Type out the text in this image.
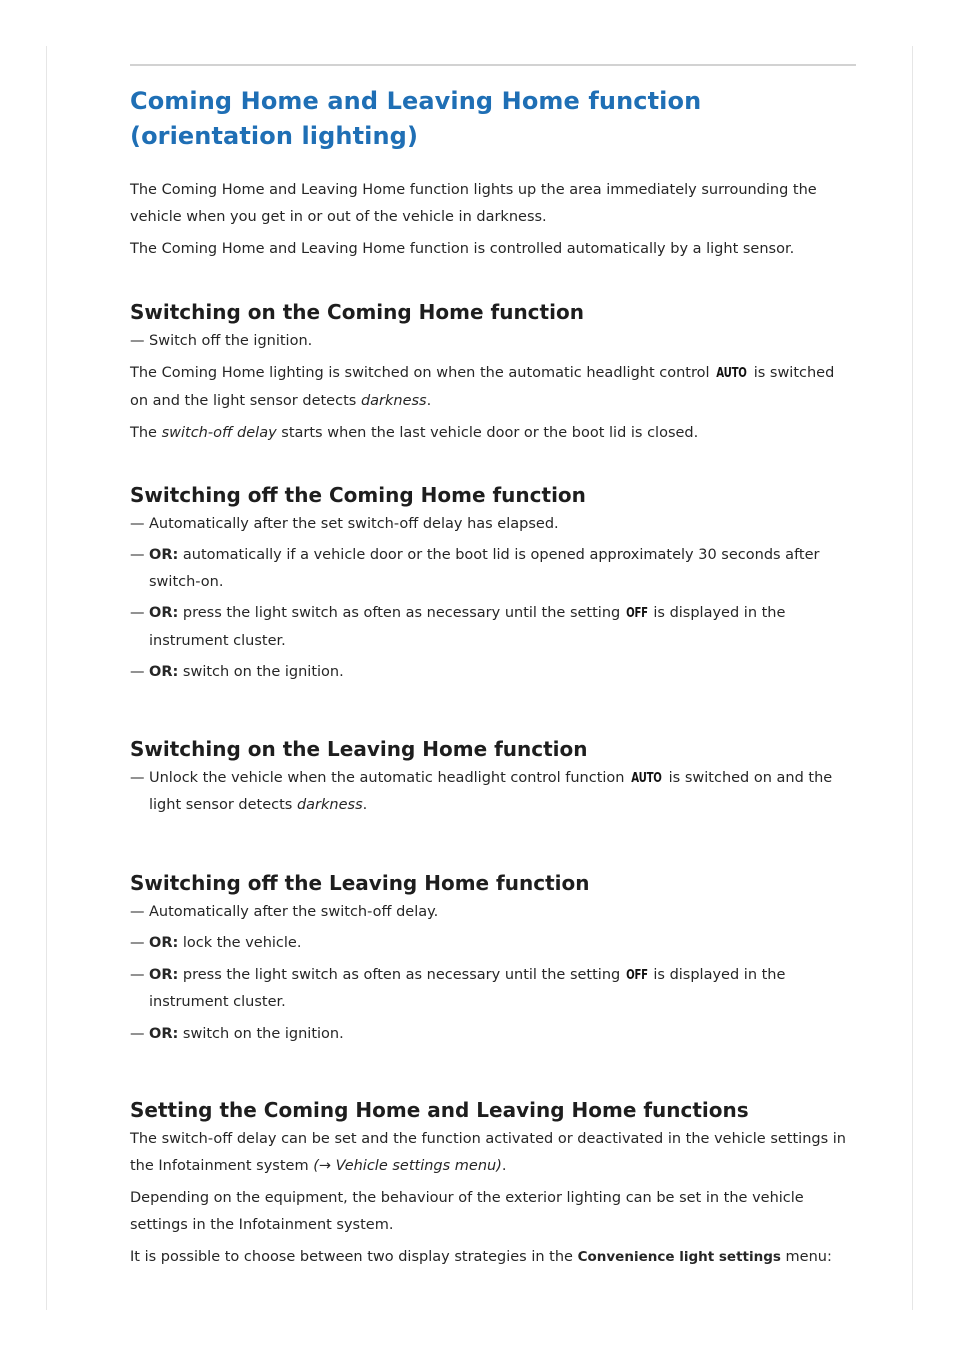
Coming Home and Leaving Home function (orientation lighting)

The Coming Home and Leaving Home function lights up the area immediately surrounding the vehicle when you get in or out of the vehicle in darkness.

The Coming Home and Leaving Home function is controlled automatically by a light sensor.

Switching on the Coming Home function
— Switch off the ignition.

The Coming Home lighting is switched on when the automatic headlight control AUTO is switched on and the light sensor detects darkness.

The switch-off delay starts when the last vehicle door or the boot lid is closed.

Switching off the Coming Home function
— Automatically after the set switch-off delay has elapsed.
— OR: automatically if a vehicle door or the boot lid is opened approximately 30 seconds after switch-on.
— OR: press the light switch as often as necessary until the setting OFF is displayed in the instrument cluster.
— OR: switch on the ignition.
Switching on the Leaving Home function
— Unlock the vehicle when the automatic headlight control function AUTO is switched on and the light sensor detects darkness.
Switching off the Leaving Home function
— Automatically after the switch-off delay.
— OR: lock the vehicle.
— OR: press the light switch as often as necessary until the setting OFF is displayed in the instrument cluster.
— OR: switch on the ignition.
Setting the Coming Home and Leaving Home functions

The switch-off delay can be set and the function activated or deactivated in the vehicle settings in the Infotainment system (→ Vehicle settings menu).

Depending on the equipment, the behaviour of the exterior lighting can be set in the vehicle settings in the Infotainment system.

It is possible to choose between two display strategies in the Convenience light settings menu:
